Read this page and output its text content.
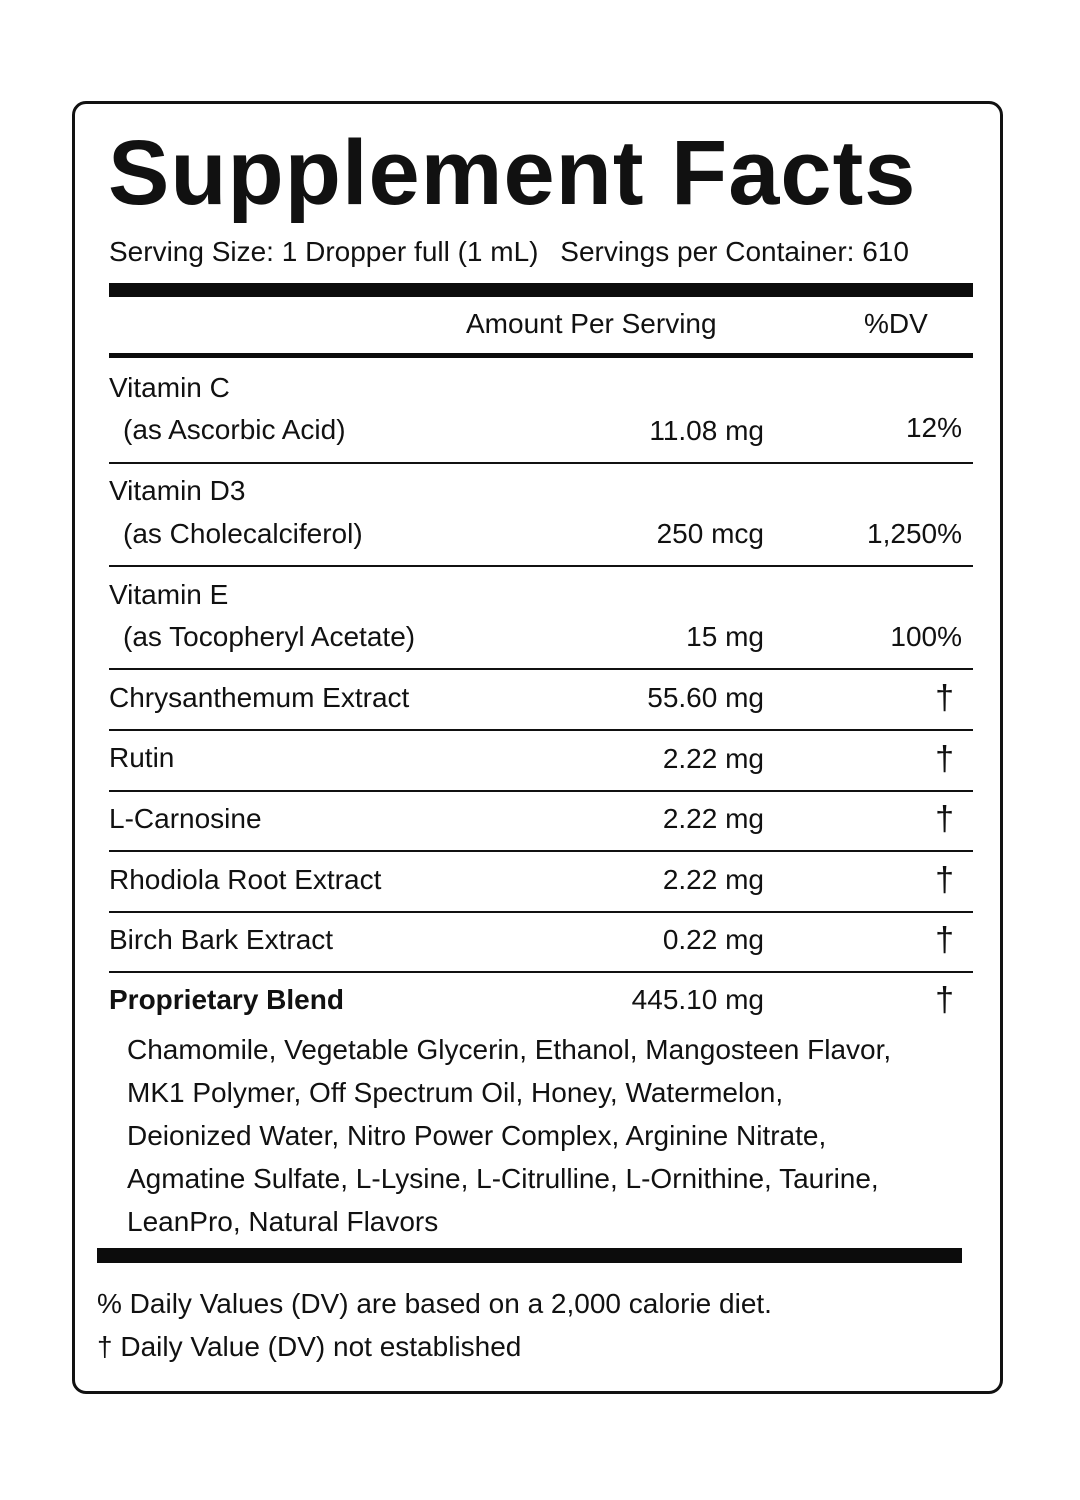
Supplement Facts
Serving Size: 1 Dropper full (1 mL) Servings per Container: 610
Amount Per Serving	%DV
Vitamin C
(as Ascorbic Acid)	11.08 mg	12%
Vitamin D3
(as Cholecalciferol)	250 mcg	1,250%
Vitamin E
(as Tocopheryl Acetate)	15 mg	100%
Chrysanthemum Extract	55.60 mg	†
Rutin	2.22 mg	†
L-Carnosine	2.22 mg	†
Rhodiola Root Extract	2.22 mg	†
Birch Bark Extract	0.22 mg	†
Proprietary Blend	445.10 mg	†
Chamomile, Vegetable Glycerin, Ethanol, Mangosteen Flavor,
MK1 Polymer, Off Spectrum Oil, Honey, Watermelon,
Deionized Water, Nitro Power Complex, Arginine Nitrate,
Agmatine Sulfate, L-Lysine, L-Citrulline, L-Ornithine, Taurine,
LeanPro, Natural Flavors
% Daily Values (DV) are based on a 2,000 calorie diet.
† Daily Value (DV) not established
